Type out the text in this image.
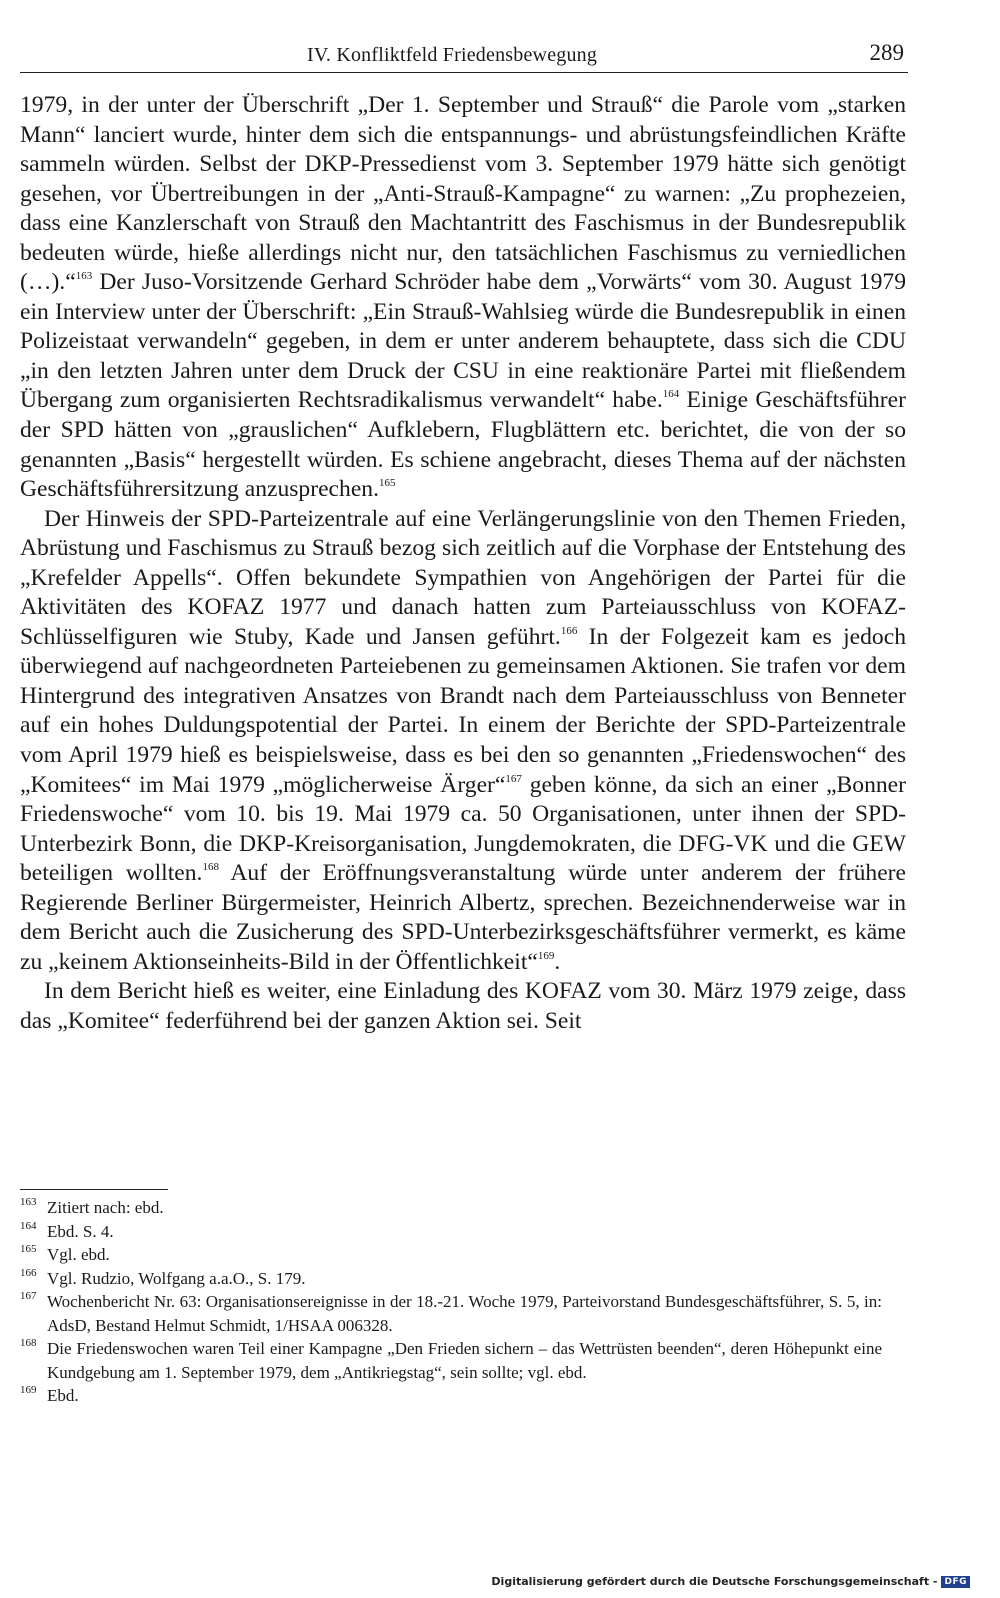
IV. Konfliktfeld Friedensbewegung	289

1979, in der unter der Überschrift „Der 1. September und Strauß“ die Parole vom „starken Mann“ lanciert wurde, hinter dem sich die entspannungs- und abrüstungsfeindlichen Kräfte sammeln würden. Selbst der DKP-Pressedienst vom 3. September 1979 hätte sich genötigt gesehen, vor Übertreibungen in der „Anti-Strauß-Kampagne“ zu warnen: „Zu prophezeien, dass eine Kanzlerschaft von Strauß den Machtantritt des Faschismus in der Bundesrepublik bedeuten würde, hieße allerdings nicht nur, den tatsächlichen Faschismus zu verniedlichen (…).“$^{163}$ Der Juso-Vorsitzende Gerhard Schröder habe dem „Vorwärts“ vom 30. August 1979 ein Interview unter der Überschrift: „Ein Strauß-Wahlsieg würde die Bundesrepublik in einen Polizeistaat verwandeln“ gegeben, in dem er unter anderem behauptete, dass sich die CDU „in den letzten Jahren unter dem Druck der CSU in eine reaktionäre Partei mit fließendem Übergang zum organisierten Rechtsradikalismus verwandelt“ habe.$^{164}$ Einige Geschäftsführer der SPD hätten von „grauslichen“ Aufklebern, Flugblättern etc. berichtet, die von der so genannten „Basis“ hergestellt würden. Es schiene angebracht, dieses Thema auf der nächsten Geschäftsführersitzung anzusprechen.$^{165}$

Der Hinweis der SPD-Parteizentrale auf eine Verlängerungslinie von den Themen Frieden, Abrüstung und Faschismus zu Strauß bezog sich zeitlich auf die Vorphase der Entstehung des „Krefelder Appells“. Offen bekundete Sympathien von Angehörigen der Partei für die Aktivitäten des KOFAZ 1977 und danach hatten zum Parteiausschluss von KOFAZ-Schlüsselfiguren wie Stuby, Kade und Jansen geführt.$^{166}$ In der Folgezeit kam es jedoch überwiegend auf nachgeordneten Parteiebenen zu gemeinsamen Aktionen. Sie trafen vor dem Hintergrund des integrativen Ansatzes von Brandt nach dem Parteiausschluss von Benneter auf ein hohes Duldungspotential der Partei. In einem der Berichte der SPD-Parteizentrale vom April 1979 hieß es beispielsweise, dass es bei den so genannten „Friedenswochen“ des „Komitees“ im Mai 1979 „möglicherweise Ärger“$^{167}$ geben könne, da sich an einer „Bonner Friedenswoche“ vom 10. bis 19. Mai 1979 ca. 50 Organisationen, unter ihnen der SPD-Unterbezirk Bonn, die DKP-Kreisorganisation, Jungdemokraten, die DFG-VK und die GEW beteiligen wollten.$^{168}$ Auf der Eröffnungsveranstaltung würde unter anderem der frühere Regierende Berliner Bürgermeister, Heinrich Albertz, sprechen. Bezeichnenderweise war in dem Bericht auch die Zusicherung des SPD-Unterbezirksgeschäftsführer vermerkt, es käme zu „keinem Aktionseinheits-Bild in der Öffentlichkeit“$^{169}$.

In dem Bericht hieß es weiter, eine Einladung des KOFAZ vom 30. März 1979 zeige, dass das „Komitee“ federführend bei der ganzen Aktion sei. Seit

163 Zitiert nach: ebd.
164 Ebd. S. 4.
165 Vgl. ebd.
166 Vgl. Rudzio, Wolfgang a.a.O., S. 179.
167 Wochenbericht Nr. 63: Organisationsereignisse in der 18.-21. Woche 1979, Parteivorstand Bundesgeschäftsführer, S. 5, in: AdsD, Bestand Helmut Schmidt, 1/HSAA 006328.
168 Die Friedenswochen waren Teil einer Kampagne „Den Frieden sichern – das Wettrüsten beenden“, deren Höhepunkt eine Kundgebung am 1. September 1979, dem „Antikriegstag“, sein sollte; vgl. ebd.
169 Ebd.
Digitalisierung gefördert durch die Deutsche Forschungsgemeinschaft - DFG
